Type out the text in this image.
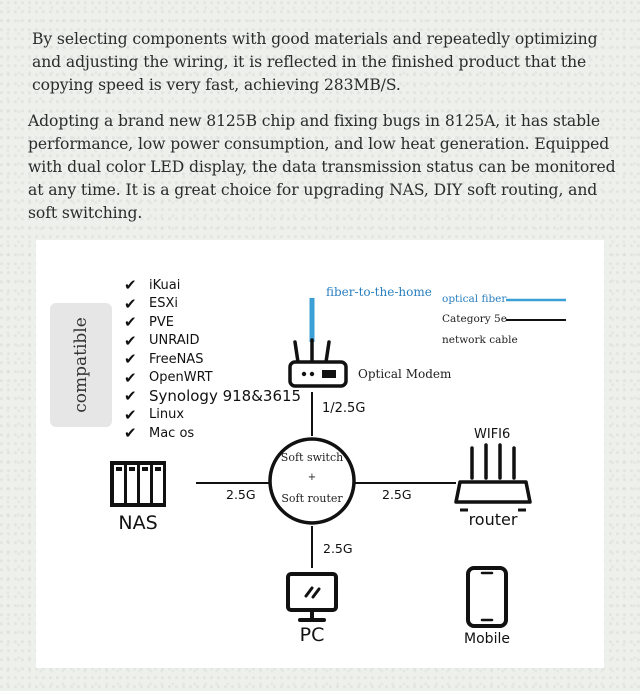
By selecting components with good materials and repeatedly optimizing and adjusting the wiring, it is reflected in the finished product that the copying speed is very fast, achieving 283MB/S.
Adopting a brand new 8125B chip and fixing bugs in 8125A, it has stable performance, low power consumption, and low heat generation. Equipped with dual color LED display, the data transmission status can be monitored at any time. It is a great choice for upgrading NAS, DIY soft routing, and soft switching.
compatible
✔ iKuai
✔ ESXi
✔ PVE
✔ UNRAID
✔ FreeNAS
✔ OpenWRT
✔ Synology 918&3615
✔ Linux
✔ Mac os
fiber-to-the-home optical fiber
Category 5e
network cable
Optical Modem
1/2.5G
Soft switch
+
Soft router
NAS
2.5G
WIFI6
router
2.5G
2.5G
PC	Mobile
